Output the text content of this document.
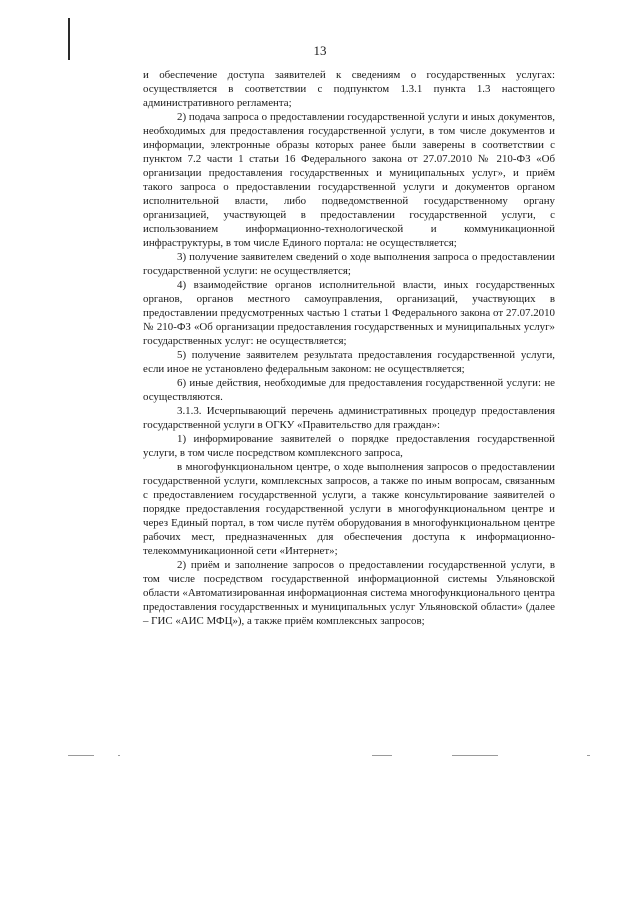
13

и обеспечение доступа заявителей к сведениям о государственных услугах: осуществляется в соответствии с подпунктом 1.3.1 пункта 1.3 настоящего административного регламента;

2) подача запроса о предоставлении государственной услуги и иных документов, необходимых для предоставления государственной услуги, в том числе документов и информации, электронные образы которых ранее были заверены в соответствии с пунктом 7.2 части 1 статьи 16 Федерального закона от 27.07.2010 № 210-ФЗ «Об организации предоставления государственных и муниципальных услуг», и приём такого запроса о предоставлении государственной услуги и документов органом исполнительной власти, либо подведомственной государственному органу организацией, участвующей в предоставлении государственной услуги, с использованием информационно-технологической и коммуникационной инфраструктуры, в том числе Единого портала: не осуществляется;

3) получение заявителем сведений о ходе выполнения запроса о предоставлении государственной услуги: не осуществляется;

4) взаимодействие органов исполнительной власти, иных государственных органов, органов местного самоуправления, организаций, участвующих в предоставлении предусмотренных частью 1 статьи 1 Федерального закона от 27.07.2010 № 210-ФЗ «Об организации предоставления государственных и муниципальных услуг» государственных услуг: не осуществляется;

5) получение заявителем результата предоставления государственной услуги, если иное не установлено федеральным законом: не осуществляется;

6) иные действия, необходимые для предоставления государственной услуги: не осуществляются.

3.1.3. Исчерпывающий перечень административных процедур предоставления государственной услуги в ОГКУ «Правительство для граждан»:

1) информирование заявителей о порядке предоставления государственной услуги, в том числе посредством комплексного запроса,

в многофункциональном центре, о ходе выполнения запросов о предоставлении государственной услуги, комплексных запросов, а также по иным вопросам, связанным с предоставлением государственной услуги, а также консультирование заявителей о порядке предоставления государственной услуги в многофункциональном центре и через Единый портал, в том числе путём оборудования в многофункциональном центре рабочих мест, предназначенных для обеспечения доступа к информационно-телекоммуникационной сети «Интернет»;

2) приём и заполнение запросов о предоставлении государственной услуги, в том числе посредством государственной информационной системы Ульяновской области «Автоматизированная информационная система многофункционального центра предоставления государственных и муниципальных услуг Ульяновской области» (далее – ГИС «АИС МФЦ»), а также приём комплексных запросов;
